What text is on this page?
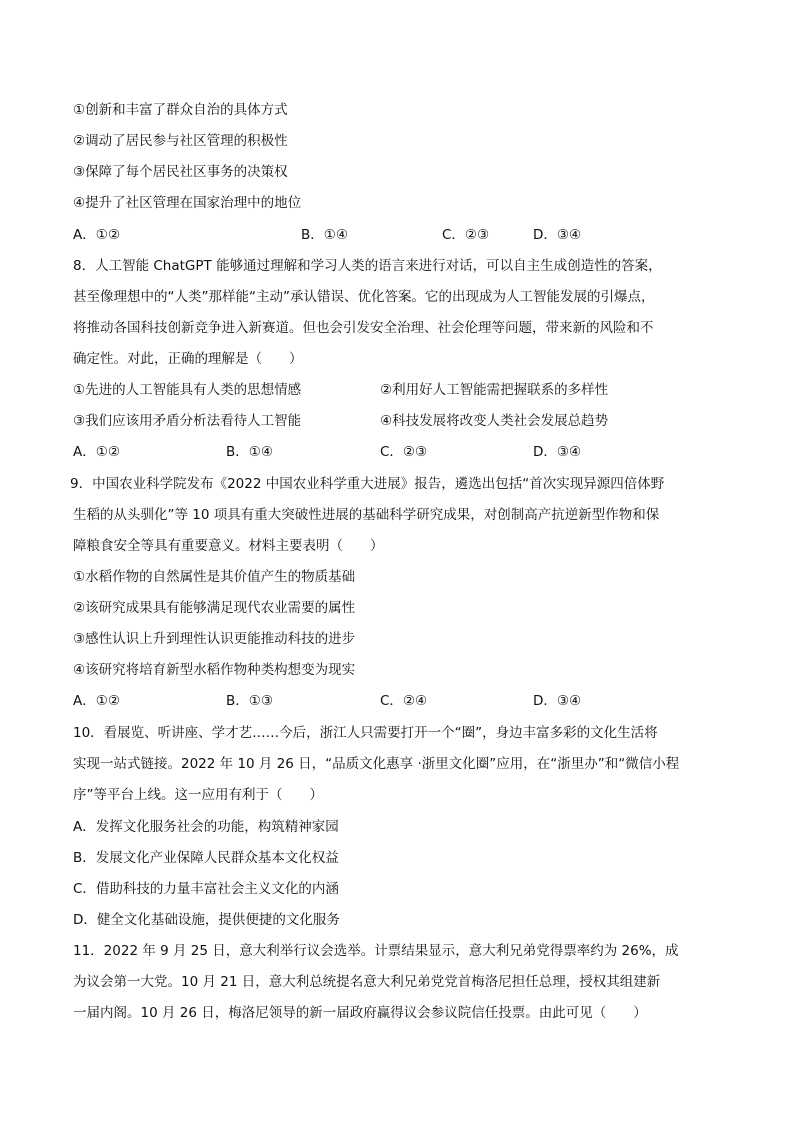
①创新和丰富了群众自治的具体方式
②调动了居民参与社区管理的积极性
③保障了每个居民社区事务的决策权
④提升了社区管理在国家治理中的地位
A．①②	B．①④	C．②③	D．③④
8．人工智能 ChatGPT 能够通过理解和学习人类的语言来进行对话，可以自主生成创造性的答案，
甚至像理想中的“人类”那样能“主动”承认错误、优化答案。它的出现成为人工智能发展的引爆点，
将推动各国科技创新竞争进入新赛道。但也会引发安全治理、社会伦理等问题，带来新的风险和不
确定性。对此，正确的理解是（　　）
①先进的人工智能具有人类的思想情感	②利用好人工智能需把握联系的多样性
③我们应该用矛盾分析法看待人工智能	④科技发展将改变人类社会发展总趋势
A．①②	B．①④	C．②③	D．③④
9．中国农业科学院发布《2022 中国农业科学重大进展》报告，遴选出包括“首次实现异源四倍体野
生稻的从头驯化”等 10 项具有重大突破性进展的基础科学研究成果，对创制高产抗逆新型作物和保
障粮食安全等具有重要意义。材料主要表明（　　）
①水稻作物的自然属性是其价值产生的物质基础
②该研究成果具有能够满足现代农业需要的属性
③感性认识上升到理性认识更能推动科技的进步
④该研究将培育新型水稻作物种类构想变为现实
A．①②	B．①③	C．②④	D．③④
10．看展览、听讲座、学才艺……今后，浙江人只需要打开一个“圈”，身边丰富多彩的文化生活将
实现一站式链接。2022 年 10 月 26 日，“品质文化惠享 ·浙里文化圈”应用，在“浙里办”和“微信小程
序”等平台上线。这一应用有利于（　　）
A．发挥文化服务社会的功能，构筑精神家园
B．发展文化产业保障人民群众基本文化权益
C．借助科技的力量丰富社会主义文化的内涵
D．健全文化基础设施，提供便捷的文化服务
11．2022 年 9 月 25 日，意大利举行议会选举。计票结果显示，意大利兄弟党得票率约为 26%，成
为议会第一大党。10 月 21 日，意大利总统提名意大利兄弟党党首梅洛尼担任总理，授权其组建新
一届内阁。10 月 26 日，梅洛尼领导的新一届政府赢得议会参议院信任投票。由此可见（　　）
